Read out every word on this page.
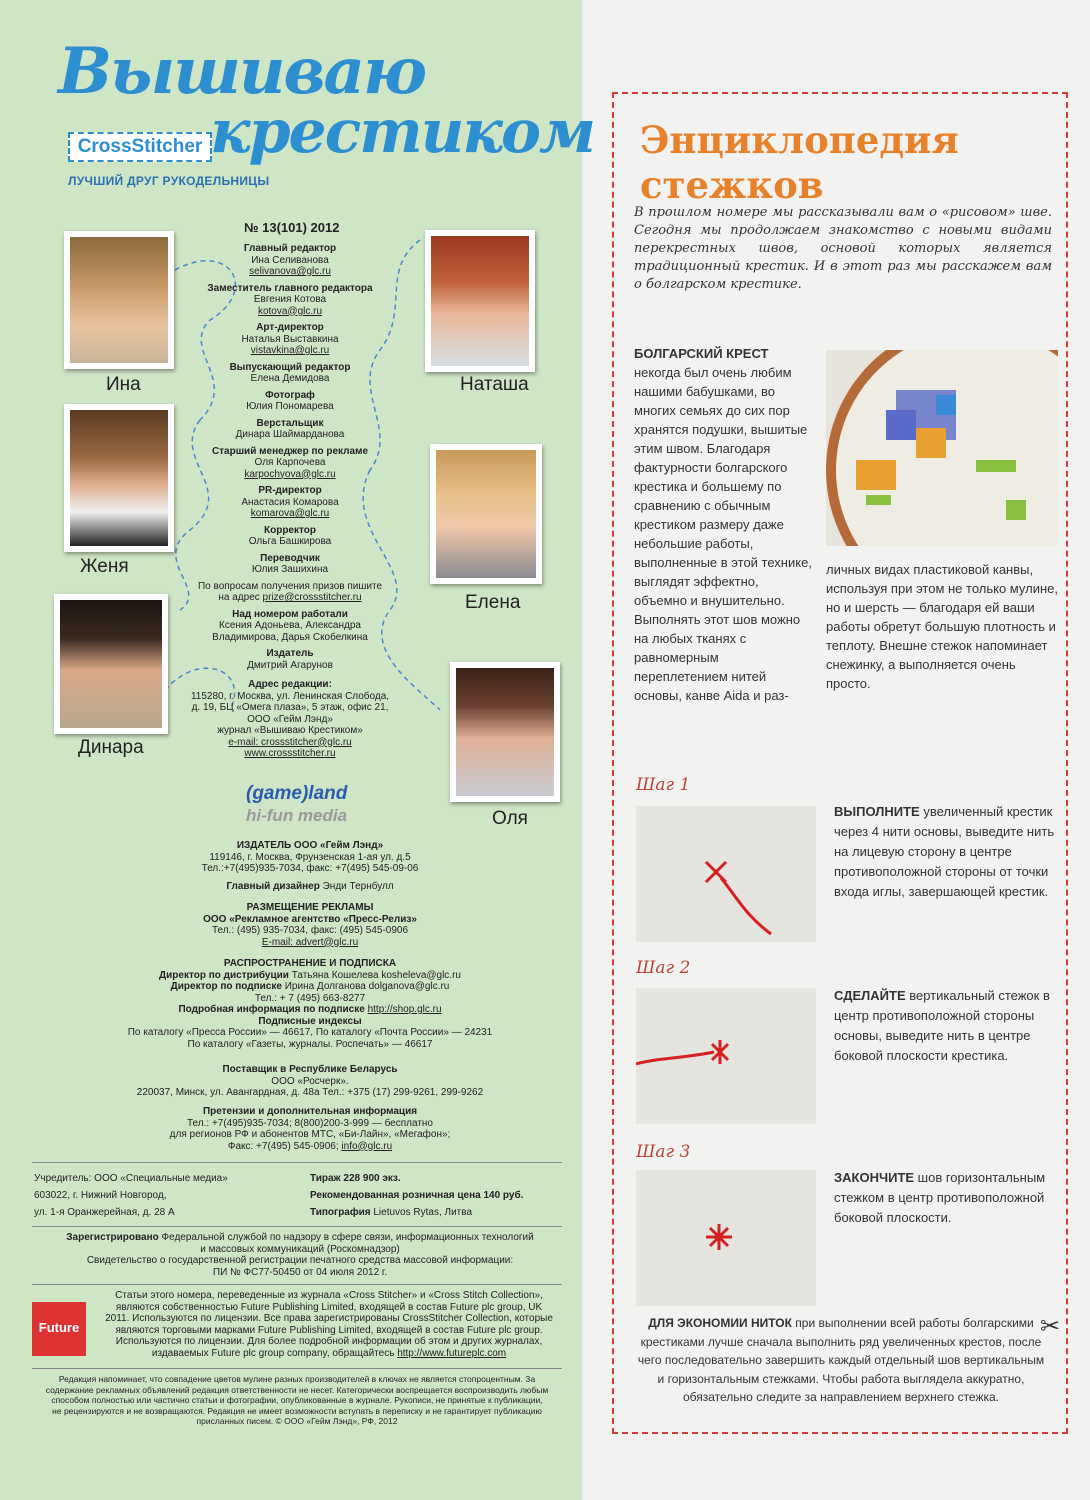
Вышиваю
CrossStitcher крестиком
ЛУЧШИЙ ДРУГ РУКОДЕЛЬНИЦЫ
№ 13(101) 2012
Главный редактор
Ина Селиванова
selivanova@glc.ru
Заместитель главного редактора
Евгения Котова
kotova@glc.ru
Арт-директор
Наталья Выставкина
vistavkina@glc.ru
Выпускающий редактор
Елена Демидова
Фотограф
Юлия Пономарева
Верстальщик
Динара Шаймарданова
Старший менеджер по рекламе
Оля Карпочева
karpochyova@glc.ru
PR-директор
Анастасия Комарова
komarova@glc.ru
Корректор
Ольга Башкирова
Переводчик
Юлия Зашихина
По вопросам получения призов пишите
на адрес prize@crossstitcher.ru
Над номером работали
Ксения Адоньева, Александра
Владимирова, Дарья Скобелкина
Издатель
Дмитрий Агарунов
Адрес редакции:
115280, г. Москва, ул. Ленинская Слобода,
д. 19, БЦ «Омега плаза», 5 этаж, офис 21,
ООО «Гейм Лэнд»
журнал «Вышиваю Крестиком»
e-mail: crossstitcher@glc.ru
www.crossstitcher.ru
Ина	Наташа
Женя
Елена
Динара
Оля
(game)land
hi-fun media
ИЗДАТЕЛЬ ООО «Гейм Лэнд»
119146, г. Москва, Фрунзенская 1-ая ул. д.5
Тел.:+7(495)935-7034, факс: +7(495) 545-09-06
Главный дизайнер Энди Тернбулл
РАЗМЕЩЕНИЕ РЕКЛАМЫ
ООО «Рекламное агентство «Пресс-Релиз»
Тел.: (495) 935-7034, факс: (495) 545-0906
E-mail: advert@glc.ru
РАСПРОСТРАНЕНИЕ И ПОДПИСКА
Директор по дистрибуции Татьяна Кошелева kosheleva@glc.ru
Директор по подписке Ирина Долганова dolganova@glc.ru
Тел.: + 7 (495) 663-8277
Подробная информация по подписке http://shop.glc.ru
Подписные индексы
По каталогу «Пресса России» — 46617, По каталогу «Почта России» — 24231
По каталогу «Газеты, журналы. Роспечать» — 46617
Поставщик в Республике Беларусь
ООО «Росчерк».
220037, Минск, ул. Авангардная, д. 48а Тел.: +375 (17) 299-9261, 299-9262
Претензии и дополнительная информация
Тел.: +7(495)935-7034; 8(800)200-3-999 — бесплатно
для регионов РФ и абонентов МТС, «Би-Лайн», «Мегафон»;
Факс: +7(495) 545-0906; info@glc.ru
Учредитель: ООО «Специальные медиа»
603022, г. Нижний Новгород,
ул. 1-я Оранжерейная, д. 28 А
Тираж 228 900 экз.
Рекомендованная розничная цена 140 руб.
Типография Lietuvos Rytas, Литва
Зарегистрировано Федеральной службой по надзору в сфере связи, информационных технологий
и массовых коммуникаций (Роскомнадзор)
Свидетельство о государственной регистрации печатного средства массовой информации:
ПИ № ФС77-50450 от 04 июля 2012 г.
Future
Статьи этого номера, переведенные из журнала «Cross Stitcher» и «Cross Stitch Collection»,
являются собственностью Future Publishing Limited, входящей в состав Future plc group, UK
2011. Используются по лицензии. Все права зарегистрированы CrossStitcher Collection, которые
являются торговыми марками Future Publishing Limited, входящей в состав Future plc group.
Используются по лицензии. Для более подробной информации об этом и других журналах,
издаваемых Future plc group company, обращайтесь http://www.futureplc.com
Редакция напоминает, что совпадение цветов мулине разных производителей в ключах не является стопроцентным. За
содержание рекламных объявлений редакция ответственности не несет. Категорически воспрещается воспроизводить любым
способом полностью или частично статьи и фотографии, опубликованные в журнале. Рукописи, не принятые к публикации,
не рецензируются и не возвращаются. Редакция не имеет возможности вступать в переписку и не гарантирует публикацию
присланных писем. © ООО «Гейм Лэнд», РФ, 2012
Энциклопедия
стежков
В прошлом номере мы рассказывали вам о «рисовом» шве. Сегодня мы продолжаем знакомство с новыми видами перекрестных швов, основой которых является традиционный крестик. И в этот раз мы расскажем вам о болгарском крестике.
БОЛГАРСКИЙ КРЕСТ некогда был очень любим нашими бабушками, во многих семьях до сих пор хранятся подушки, вышитые этим швом. Благодаря фактурности болгарского крестика и большему по сравнению с обычным крестиком размеру даже небольшие работы, выполненные в этой технике, выглядят эффектно, объемно и внушительно. Выполнять этот шов можно на любых тканях с равномерным переплетением нитей основы, канве Aida и раз-
личных видах пластиковой канвы, используя при этом не только мулине, но и шерсть — благодаря ей ваши работы обретут большую плотность и теплоту. Внешне стежок напоминает снежинку, а выполняется очень просто.
Шаг 1
ВЫПОЛНИТЕ увеличенный крестик через 4 нити основы, выведите нить на лицевую сторону в центре противоположной стороны от точки входа иглы, завершающей крестик.
Шаг 2
СДЕЛАЙТЕ вертикальный стежок в центр противоположной стороны основы, выведите нить в центре боковой плоскости крестика.
Шаг 3
ЗАКОНЧИТЕ шов горизонтальным стежком в центр противоположной боковой плоскости.
ДЛЯ ЭКОНОМИИ НИТОК при выполнении всей работы болгарскими крестиками лучше сначала выполнить ряд увеличенных крестов, после чего последовательно завершить каждый отдельный шов вертикальным и горизонтальным стежками. Чтобы работа выглядела аккуратно, обязательно следите за направлением верхнего стежка.
✂
